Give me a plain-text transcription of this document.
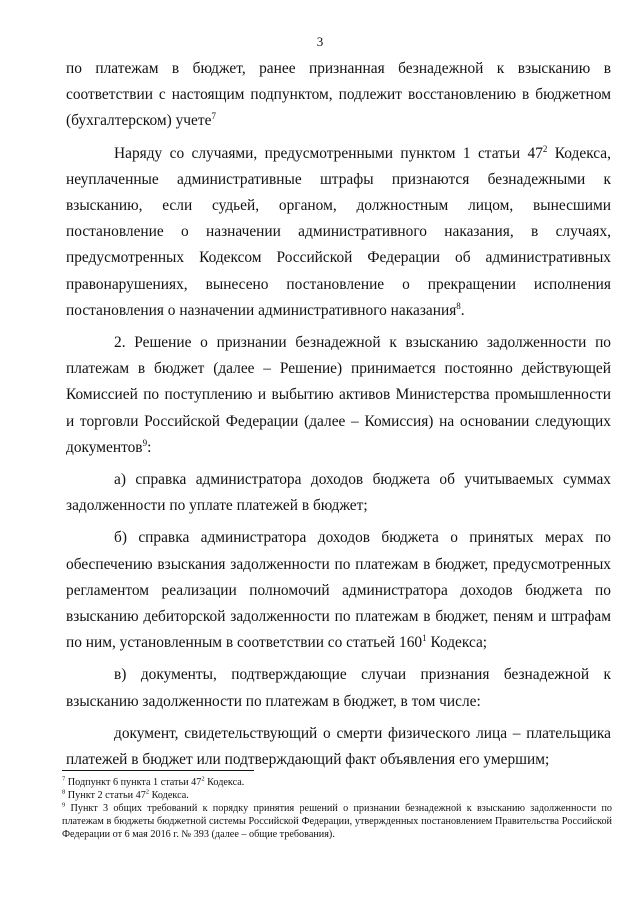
3

по платежам в бюджет, ранее признанная безнадежной к взысканию в соответствии с настоящим подпунктом, подлежит восстановлению в бюджетном (бухгалтерском) учете$^7$

Наряду со случаями, предусмотренными пунктом 1 статьи $47^2$ Кодекса, неуплаченные административные штрафы признаются безнадежными к взысканию, если судьей, органом, должностным лицом, вынесшими постановление о назначении административного наказания, в случаях, предусмотренных Кодексом Российской Федерации об административных правонарушениях, вынесено постановление о прекращении исполнения постановления о назначении административного наказания$^8$.

2. Решение о признании безнадежной к взысканию задолженности по платежам в бюджет (далее – Решение) принимается постоянно действующей Комиссией по поступлению и выбытию активов Министерства промышленности и торговли Российской Федерации (далее – Комиссия) на основании следующих документов$^9$:

а) справка администратора доходов бюджета об учитываемых суммах задолженности по уплате платежей в бюджет;

б) справка администратора доходов бюджета о принятых мерах по обеспечению взыскания задолженности по платежам в бюджет, предусмотренных регламентом реализации полномочий администратора доходов бюджета по взысканию дебиторской задолженности по платежам в бюджет, пеням и штрафам по ним, установленным в соответствии со статьей $160^1$ Кодекса;

в) документы, подтверждающие случаи признания безнадежной к взысканию задолженности по платежам в бюджет, в том числе:

документ, свидетельствующий о смерти физического лица – плательщика платежей в бюджет или подтверждающий факт объявления его умершим;

$^7$ Подпункт 6 пункта 1 статьи $47^2$ Кодекса.

$^8$ Пункт 2 статьи $47^2$ Кодекса.

$^9$ Пункт 3 общих требований к порядку принятия решений о признании безнадежной к взысканию задолженности по платежам в бюджеты бюджетной системы Российской Федерации, утвержденных постановлением Правительства Российской Федерации от 6 мая 2016 г. № 393 (далее – общие требования).
